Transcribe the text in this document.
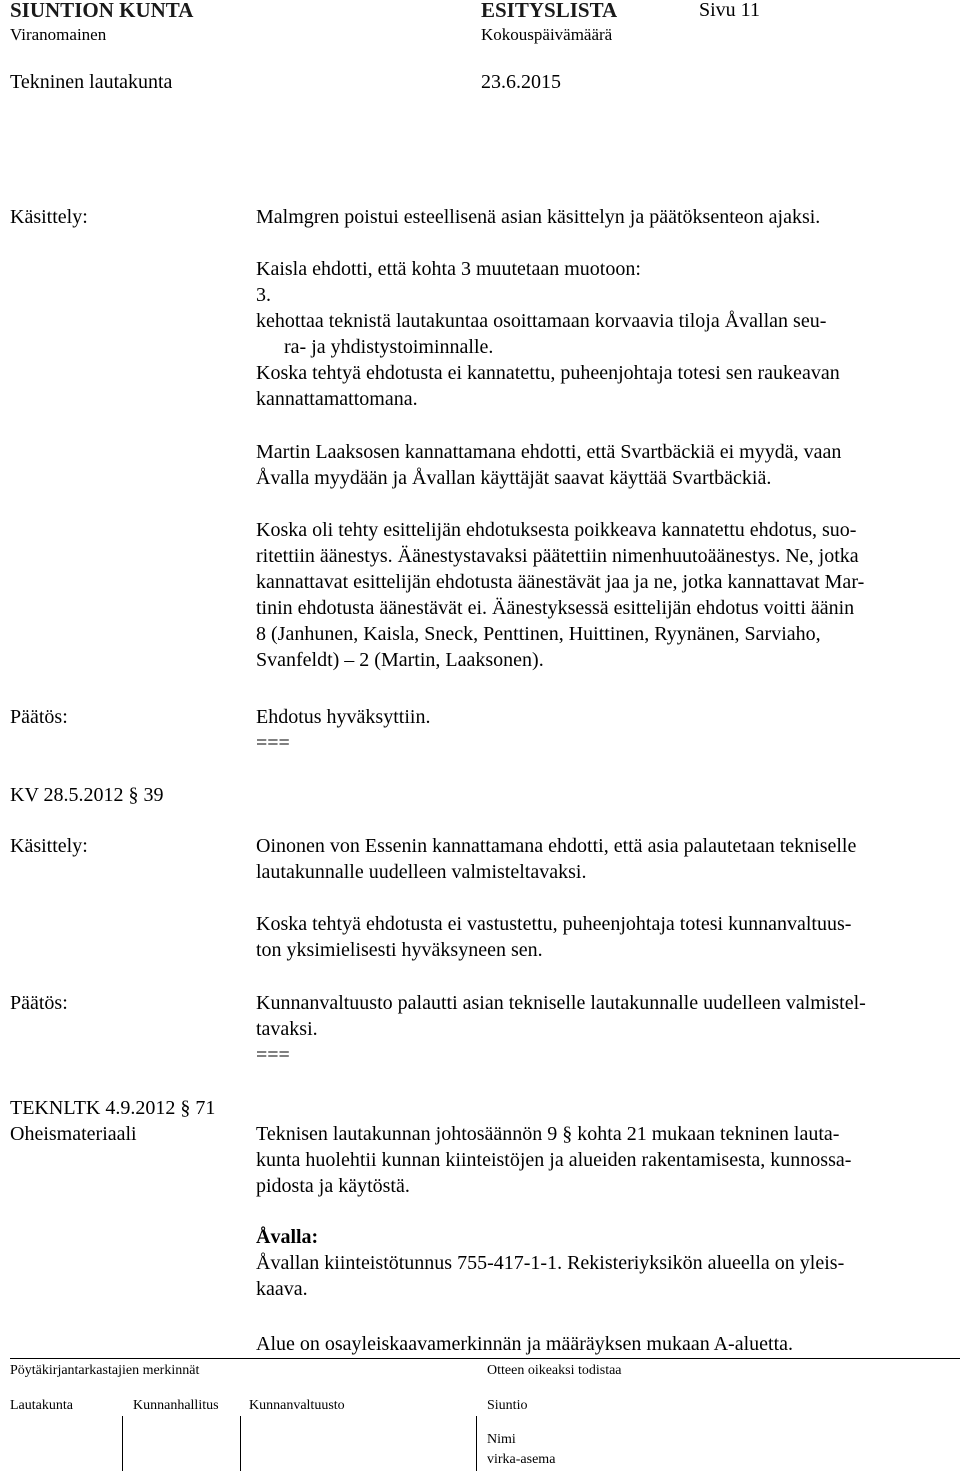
SIUNTION KUNTA	ESITYSLISTA	Sivu 11
Viranomainen	Kokouspäivämäärä
Tekninen lautakunta	23.6.2015
Käsittely:	Malmgren poistui esteellisenä asian käsittelyn ja päätöksenteon ajaksi.

Kaisla ehdotti, että kohta 3 muutetaan muotoon:
3.
kehottaa teknistä lautakuntaa osoittamaan korvaavia tiloja Åvallan seu-
ra- ja yhdistystoiminnalle.
Koska tehtyä ehdotusta ei kannatettu, puheenjohtaja totesi sen raukeavan
kannattamattomana.
Martin Laaksosen kannattamana ehdotti, että Svartbäckiä ei myydä, vaan
Åvalla myydään ja Åvallan käyttäjät saavat käyttää Svartbäckiä.
Koska oli tehty esittelijän ehdotuksesta poikkeava kannatettu ehdotus, suo-
ritettiin äänestys. Äänestystavaksi päätettiin nimenhuutoäänestys. Ne, jotka
kannattavat esittelijän ehdotusta äänestävät jaa ja ne, jotka kannattavat Mar-
tinin ehdotusta äänestävät ei. Äänestyksessä esittelijän ehdotus voitti äänin
8 (Janhunen, Kaisla, Sneck, Penttinen, Huittinen, Ryynänen, Sarviaho,
Svanfeldt) – 2 (Martin, Laaksonen).
Päätös:	Ehdotus hyväksyttiin.
===
KV 28.5.2012 § 39
Käsittely:	Oinonen von Essenin kannattamana ehdotti, että asia palautetaan tekniselle
lautakunnalle uudelleen valmisteltavaksi.
Koska tehtyä ehdotusta ei vastustettu, puheenjohtaja totesi kunnanvaltuus-
ton yksimielisesti hyväksyneen sen.
Päätös:	Kunnanvaltuusto palautti asian tekniselle lautakunnalle uudelleen valmistel-
tavaksi.
===
TEKNLTK 4.9.2012 § 71
Oheismateriaali	Teknisen lautakunnan johtosäännön 9 § kohta 21 mukaan tekninen lauta-
kunta huolehtii kunnan kiinteistöjen ja alueiden rakentamisesta, kunnossa-
pidosta ja käytöstä.
Åvalla:
Åvallan kiinteistötunnus 755-417-1-1. Rekisteriyksikön alueella on yleis-
kaava.
Alue on osayleiskaavamerkinnän ja määräyksen mukaan A-aluetta.
Pöytäkirjantarkastajien merkinnät	Otteen oikeaksi todistaa
Lautakunta	Kunnanhallitus Kunnanvaltuusto	Siuntio
Nimi
virka-asema
